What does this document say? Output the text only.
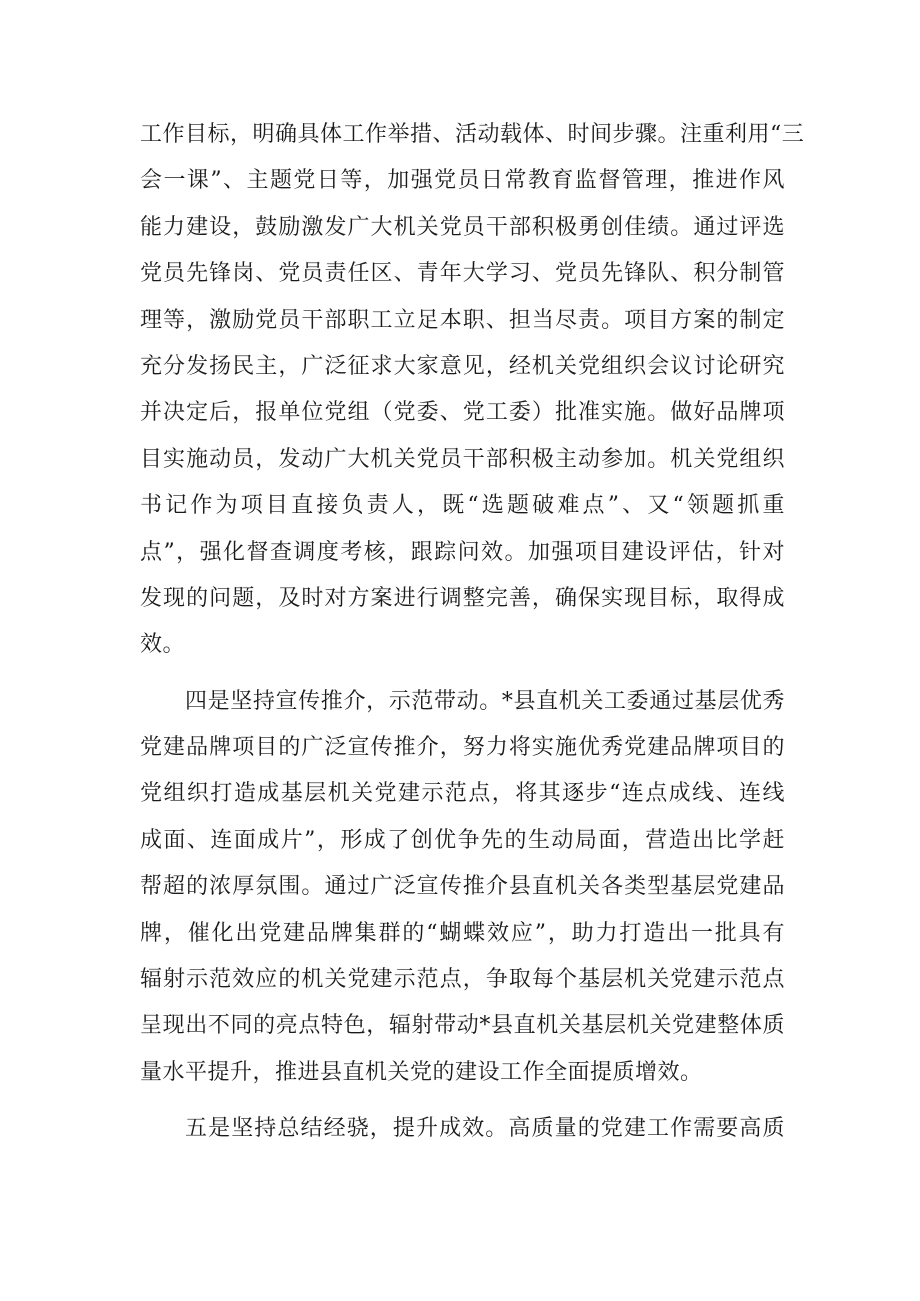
工作目标，明确具体工作举措、活动载体、时间步骤。注重利用“三
会一课”、主题党日等，加强党员日常教育监督管理，推进作风
能力建设，鼓励激发广大机关党员干部积极勇创佳绩。通过评选
党员先锋岗、党员责任区、青年大学习、党员先锋队、积分制管
理等，激励党员干部职工立足本职、担当尽责。项目方案的制定
充分发扬民主，广泛征求大家意见，经机关党组织会议讨论研究
并决定后，报单位党组（党委、党工委）批准实施。做好品牌项
目实施动员，发动广大机关党员干部积极主动参加。机关党组织
书记作为项目直接负责人，既“选题破难点”、又“领题抓重
点”，强化督查调度考核，跟踪问效。加强项目建设评估，针对
发现的问题，及时对方案进行调整完善，确保实现目标，取得成
效。
四是坚持宣传推介，示范带动。*县直机关工委通过基层优秀
党建品牌项目的广泛宣传推介，努力将实施优秀党建品牌项目的
党组织打造成基层机关党建示范点，将其逐步“连点成线、连线
成面、连面成片”，形成了创优争先的生动局面，营造出比学赶
帮超的浓厚氛围。通过广泛宣传推介县直机关各类型基层党建品
牌，催化出党建品牌集群的“蝴蝶效应”，助力打造出一批具有
辐射示范效应的机关党建示范点，争取每个基层机关党建示范点
呈现出不同的亮点特色，辐射带动*县直机关基层机关党建整体质
量水平提升，推进县直机关党的建设工作全面提质增效。
五是坚持总结经骁，提升成效。高质量的党建工作需要高质
